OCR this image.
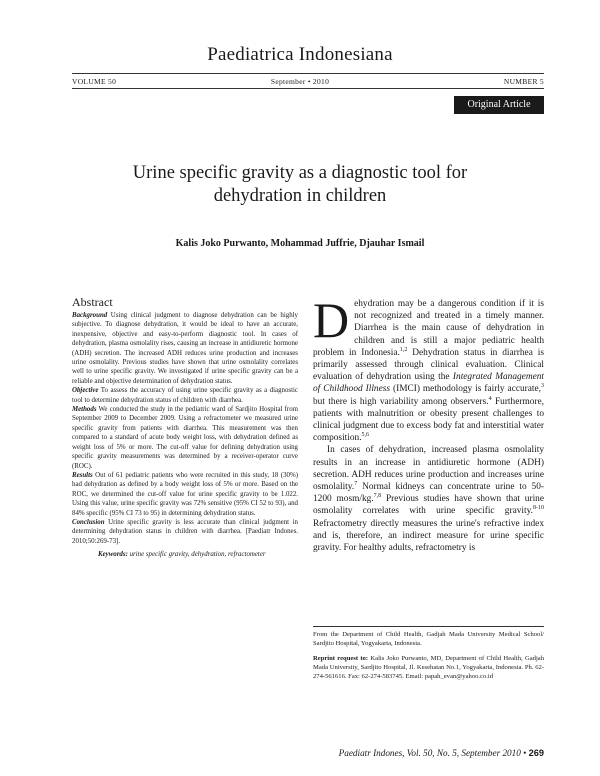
Paediatrica Indonesiana
VOLUME 50	September • 2010	NUMBER 5
Original Article
Urine specific gravity as a diagnostic tool for
dehydration in children
Kalis Joko Purwanto, Mohammad Juffrie, Djauhar Ismail
Abstract

Background Using clinical judgment to diagnose dehydration can be highly subjective. To diagnose dehydration, it would be ideal to have an accurate, inexpensive, objective and easy-to-perform diagnostic tool. In cases of dehydration, plasma osmolality rises, causing an increase in antidiuretic hormone (ADH) secretion. The increased ADH reduces urine production and increases urine osmolality. Previous studies have shown that urine osmolality correlates well to urine specific gravity. We investigated if urine specific gravity can be a reliable and objective determination of dehydration status.

Objective To assess the accuracy of using urine specific gravity as a diagnostic tool to determine dehydration status of children with diarrhea.

Methods We conducted the study in the pediatric ward of Sardjito Hospital from September 2009 to December 2009. Using a refractometer we measured urine specific gravity from patients with diarrhea. This measurement was then compared to a standard of acute body weight loss, with dehydration defined as weight loss of 5% or more. The cut-off value for defining dehydration using specific gravity measurements was determined by a receiver-operator curve (ROC).

Results Out of 61 pediatric patients who were recruited in this study, 18 (30%) had dehydration as defined by a body weight loss of 5% or more. Based on the ROC, we determined the cut-off value for urine specific gravity to be 1.022. Using this value, urine specific gravity was 72% sensitive (95% CI 52 to 93), and 84% specific (95% CI 73 to 95) in determining dehydration status.

Conclusion Urine specific gravity is less accurate than clinical judgment in determining dehydration status in children with diarrhea. [Paediatr Indones. 2010;50:269-73].

Keywords: urine specific gravity, dehydration, refractometer

Dehydration may be a dangerous condition if it is not recognized and treated in a timely manner. Diarrhea is the main cause of dehydration in children and is still a major pediatric health problem in Indonesia.$^{1,2}$ Dehydration status in diarrhea is primarily assessed through clinical evaluation. Clinical evaluation of dehydration using the Integrated Management of Childhood Illness (IMCI) methodology is fairly accurate,$^3$ but there is high variability among observers.$^4$ Furthermore, patients with malnutrition or obesity present challenges to clinical judgment due to excess body fat and interstitial water composition.$^{5,6}$

In cases of dehydration, increased plasma osmolality results in an increase in antidiuretic hormone (ADH) secretion. ADH reduces urine production and increases urine osmolality.$^7$ Normal kidneys can concentrate urine to 50-1200 mosm/kg.$^{7,8}$ Previous studies have shown that urine osmolality correlates with urine specific gravity.$^{8-10}$ Refractometry directly measures the urine's refractive index and is, therefore, an indirect measure for urine specific gravity. For healthy adults, refractometry is

From the Department of Child Health, Gadjah Mada University Medical School/ Sardjito Hospital, Yogyakarta, Indonesia.

Reprint request to: Kalis Joko Purwanto, MD, Department of Child Health, Gadjah Mada University, Sardjito Hospital, Jl. Kesehatan No.1, Yogyakarta, Indonesia. Ph. 62-274-561616. Fax: 62-274-583745. Email: papah_evan@yahoo.co.id

Paediatr Indones, Vol. 50, No. 5, September 2010 • 269
